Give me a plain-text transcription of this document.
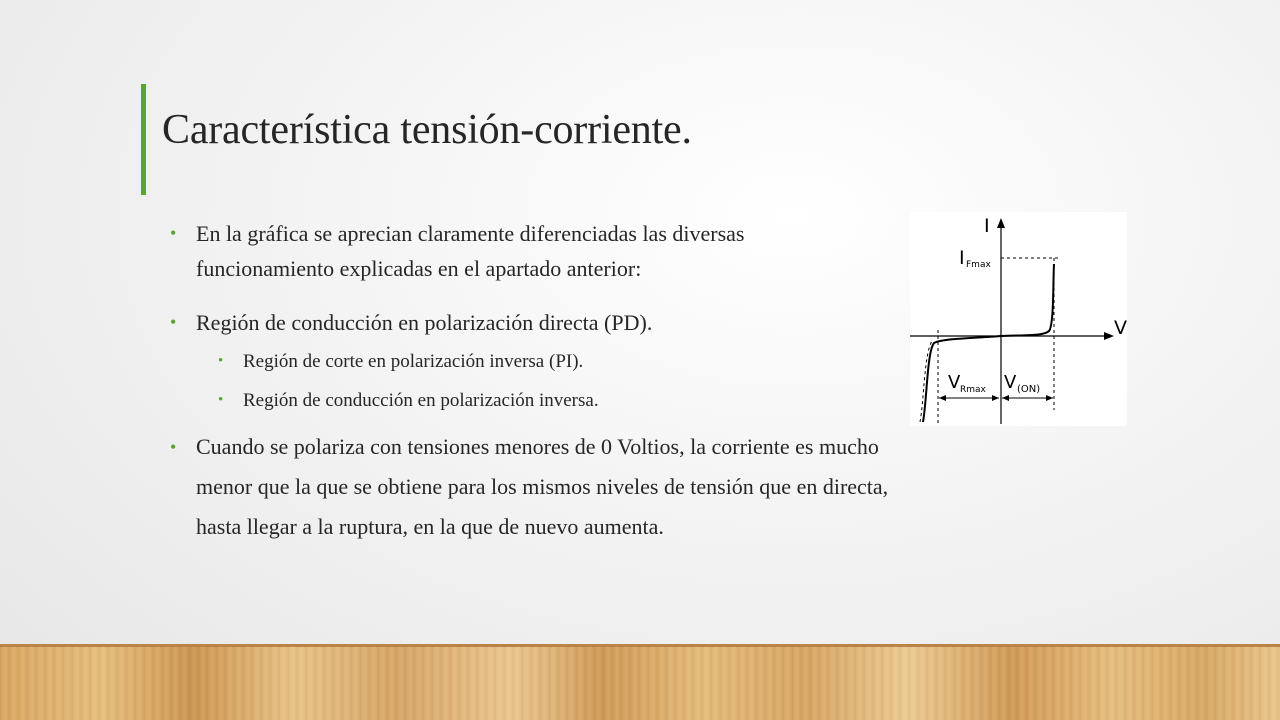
Característica tensión-corriente.
• En la gráfica se aprecian claramente diferenciadas las diversas
funcionamiento explicadas en el apartado anterior:
• Región de conducción en polarización directa (PD).
• Región de corte en polarización inversa (PI).
• Región de conducción en polarización inversa.
• Cuando se polariza con tensiones menores de 0 Voltios, la corriente es mucho
menor que la que se obtiene para los mismos niveles de tensión que en directa,
hasta llegar a la ruptura, en la que de nuevo aumenta.
I
V
I Fmax
V Rmax V (ON)
